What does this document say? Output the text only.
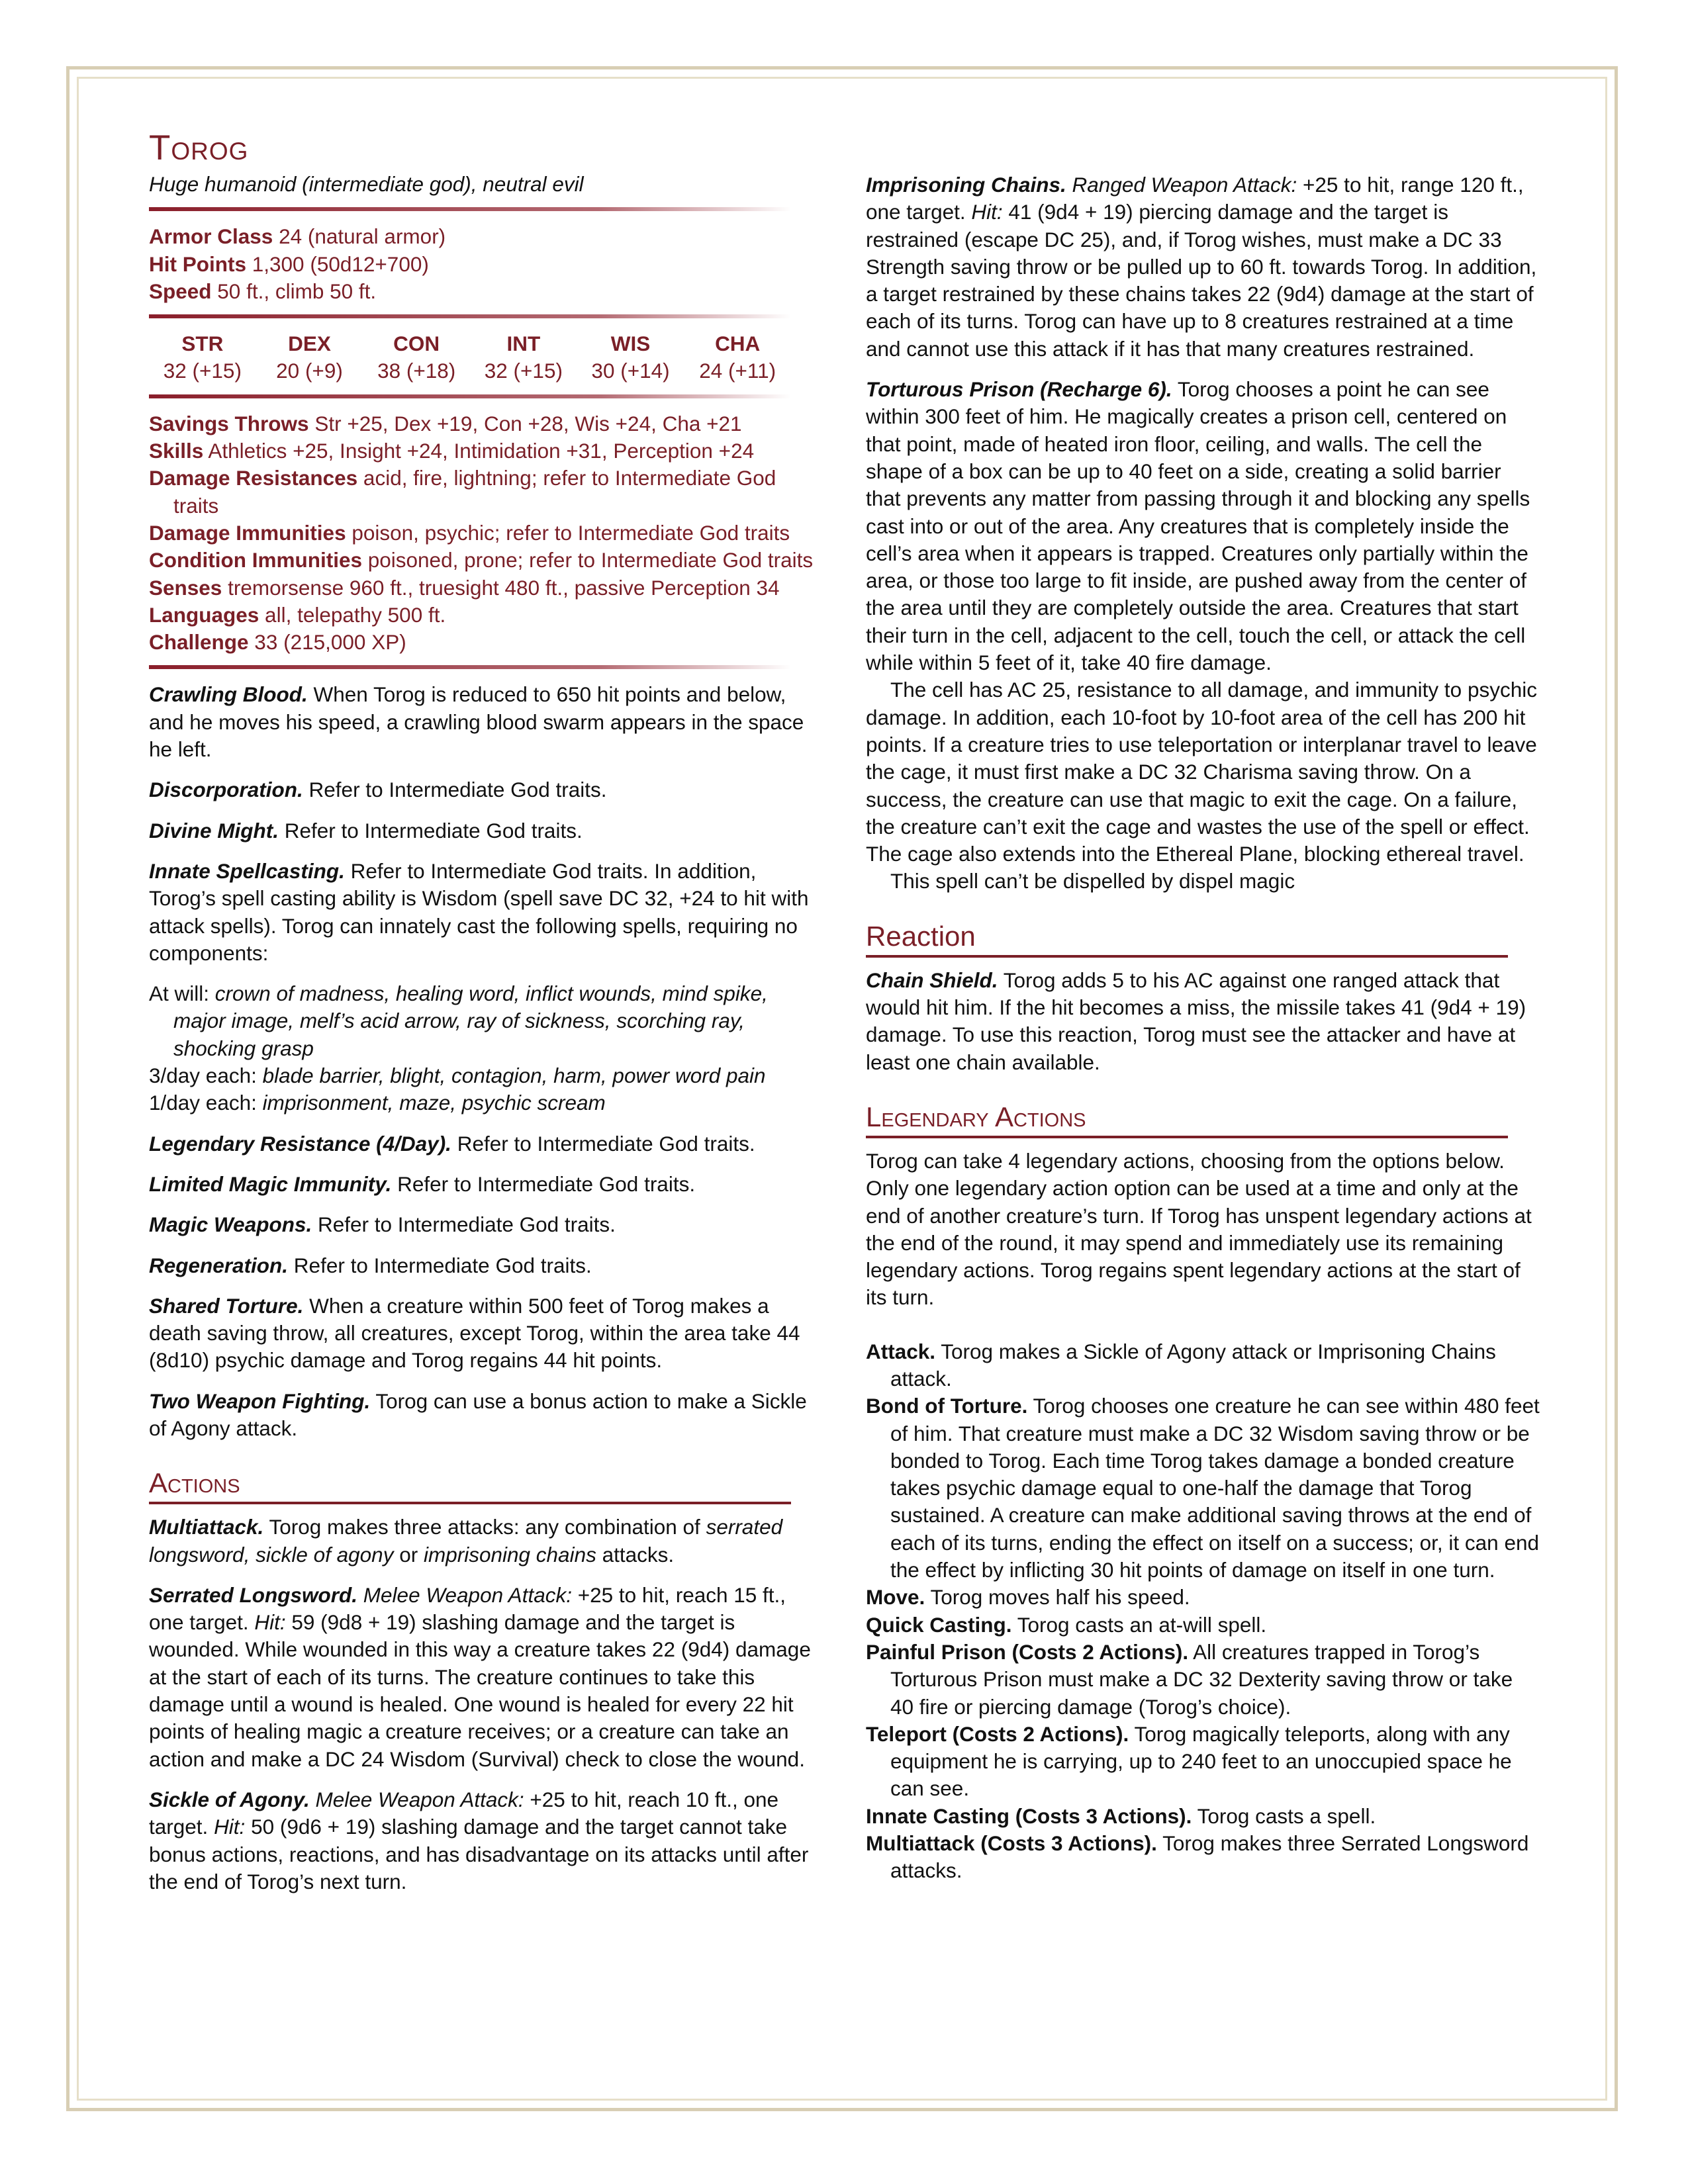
Torog

Huge humanoid (intermediate god), neutral evil

Armor Class 24 (natural armor)

Hit Points 1,300 (50d12+700)

Speed 50 ft., climb 50 ft.

STR	DEX	CON	INT	WIS	CHA
32 (+15)	20 (+9)	38 (+18)	32 (+15)	30 (+14)	24 (+11)

Savings Throws Str +25, Dex +19, Con +28, Wis +24, Cha +21

Skills Athletics +25, Insight +24, Intimidation +31, Perception +24

Damage Resistances acid, fire, lightning; refer to Intermediate God traits

Damage Immunities poison, psychic; refer to Intermediate God traits

Condition Immunities poisoned, prone; refer to Intermediate God traits

Senses tremorsense 960 ft., truesight 480 ft., passive Perception 34

Languages all, telepathy 500 ft.

Challenge 33 (215,000 XP)

Crawling Blood. When Torog is reduced to 650 hit points and below, and he moves his speed, a crawling blood swarm appears in the space he left.

Discorporation. Refer to Intermediate God traits.

Divine Might. Refer to Intermediate God traits.

Innate Spellcasting. Refer to Intermediate God traits. In addition, Torog’s spell casting ability is Wisdom (spell save DC 32, +24 to hit with attack spells). Torog can innately cast the following spells, requiring no components:

At will: crown of madness, healing word, inflict wounds, mind spike, major image, melf’s acid arrow, ray of sickness, scorching ray, shocking grasp

3/day each: blade barrier, blight, contagion, harm, power word pain

1/day each: imprisonment, maze, psychic scream

Legendary Resistance (4/Day). Refer to Intermediate God traits.

Limited Magic Immunity. Refer to Intermediate God traits.

Magic Weapons. Refer to Intermediate God traits.

Regeneration. Refer to Intermediate God traits.

Shared Torture. When a creature within 500 feet of Torog makes a death saving throw, all creatures, except Torog, within the area take 44 (8d10) psychic damage and Torog regains 44 hit points.

Two Weapon Fighting. Torog can use a bonus action to make a Sickle of Agony attack.

Actions

Multiattack. Torog makes three attacks: any combination of serrated longsword, sickle of agony or imprisoning chains attacks.

Serrated Longsword. Melee Weapon Attack: +25 to hit, reach 15 ft., one target. Hit: 59 (9d8 + 19) slashing damage and the target is wounded. While wounded in this way a creature takes 22 (9d4) damage at the start of each of its turns. The creature continues to take this damage until a wound is healed. One wound is healed for every 22 hit points of healing magic a creature receives; or a creature can take an action and make a DC 24 Wisdom (Survival) check to close the wound.

Sickle of Agony. Melee Weapon Attack: +25 to hit, reach 10 ft., one target. Hit: 50 (9d6 + 19) slashing damage and the target cannot take bonus actions, reactions, and has disadvantage on its attacks until after the end of Torog’s next turn.

Imprisoning Chains. Ranged Weapon Attack: +25 to hit, range 120 ft., one target. Hit: 41 (9d4 + 19) piercing damage and the target is restrained (escape DC 25), and, if Torog wishes, must make a DC 33 Strength saving throw or be pulled up to 60 ft. towards Torog. In addition, a target restrained by these chains takes 22 (9d4) damage at the start of each of its turns. Torog can have up to 8 creatures restrained at a time and cannot use this attack if it has that many creatures restrained.

Torturous Prison (Recharge 6). Torog chooses a point he can see within 300 feet of him. He magically creates a prison cell, centered on that point, made of heated iron floor, ceiling, and walls. The cell the shape of a box can be up to 40 feet on a side, creating a solid barrier that prevents any matter from passing through it and blocking any spells cast into or out of the area. Any creatures that is completely inside the cell’s area when it appears is trapped. Creatures only partially within the area, or those too large to fit inside, are pushed away from the center of the area until they are completely outside the area. Creatures that start their turn in the cell, adjacent to the cell, touch the cell, or attack the cell while within 5 feet of it, take 40 fire damage.

The cell has AC 25, resistance to all damage, and immunity to psychic damage. In addition, each 10-foot by 10-foot area of the cell has 200 hit points. If a creature tries to use teleportation or interplanar travel to leave the cage, it must first make a DC 32 Charisma saving throw. On a success, the creature can use that magic to exit the cage. On a failure, the creature can’t exit the cage and wastes the use of the spell or effect. The cage also extends into the Ethereal Plane, blocking ethereal travel.

This spell can’t be dispelled by dispel magic

Reaction

Chain Shield. Torog adds 5 to his AC against one ranged attack that would hit him. If the hit becomes a miss, the missile takes 41 (9d4 + 19) damage. To use this reaction, Torog must see the attacker and have at least one chain available.

Legendary Actions

Torog can take 4 legendary actions, choosing from the options below. Only one legendary action option can be used at a time and only at the end of another creature’s turn. If Torog has unspent legendary actions at the end of the round, it may spend and immediately use its remaining legendary actions. Torog regains spent legendary actions at the start of its turn.

Attack. Torog makes a Sickle of Agony attack or Imprisoning Chains attack.

Bond of Torture. Torog chooses one creature he can see within 480 feet of him. That creature must make a DC 32 Wisdom saving throw or be bonded to Torog. Each time Torog takes damage a bonded creature takes psychic damage equal to one-half the damage that Torog sustained. A creature can make additional saving throws at the end of each of its turns, ending the effect on itself on a success; or, it can end the effect by inflicting 30 hit points of damage on itself in one turn.

Move. Torog moves half his speed.

Quick Casting. Torog casts an at-will spell.

Painful Prison (Costs 2 Actions). All creatures trapped in Torog’s Torturous Prison must make a DC 32 Dexterity saving throw or take 40 fire or piercing damage (Torog’s choice).

Teleport (Costs 2 Actions). Torog magically teleports, along with any equipment he is carrying, up to 240 feet to an unoccupied space he can see.

Innate Casting (Costs 3 Actions). Torog casts a spell.

Multiattack (Costs 3 Actions). Torog makes three Serrated Longsword attacks.
